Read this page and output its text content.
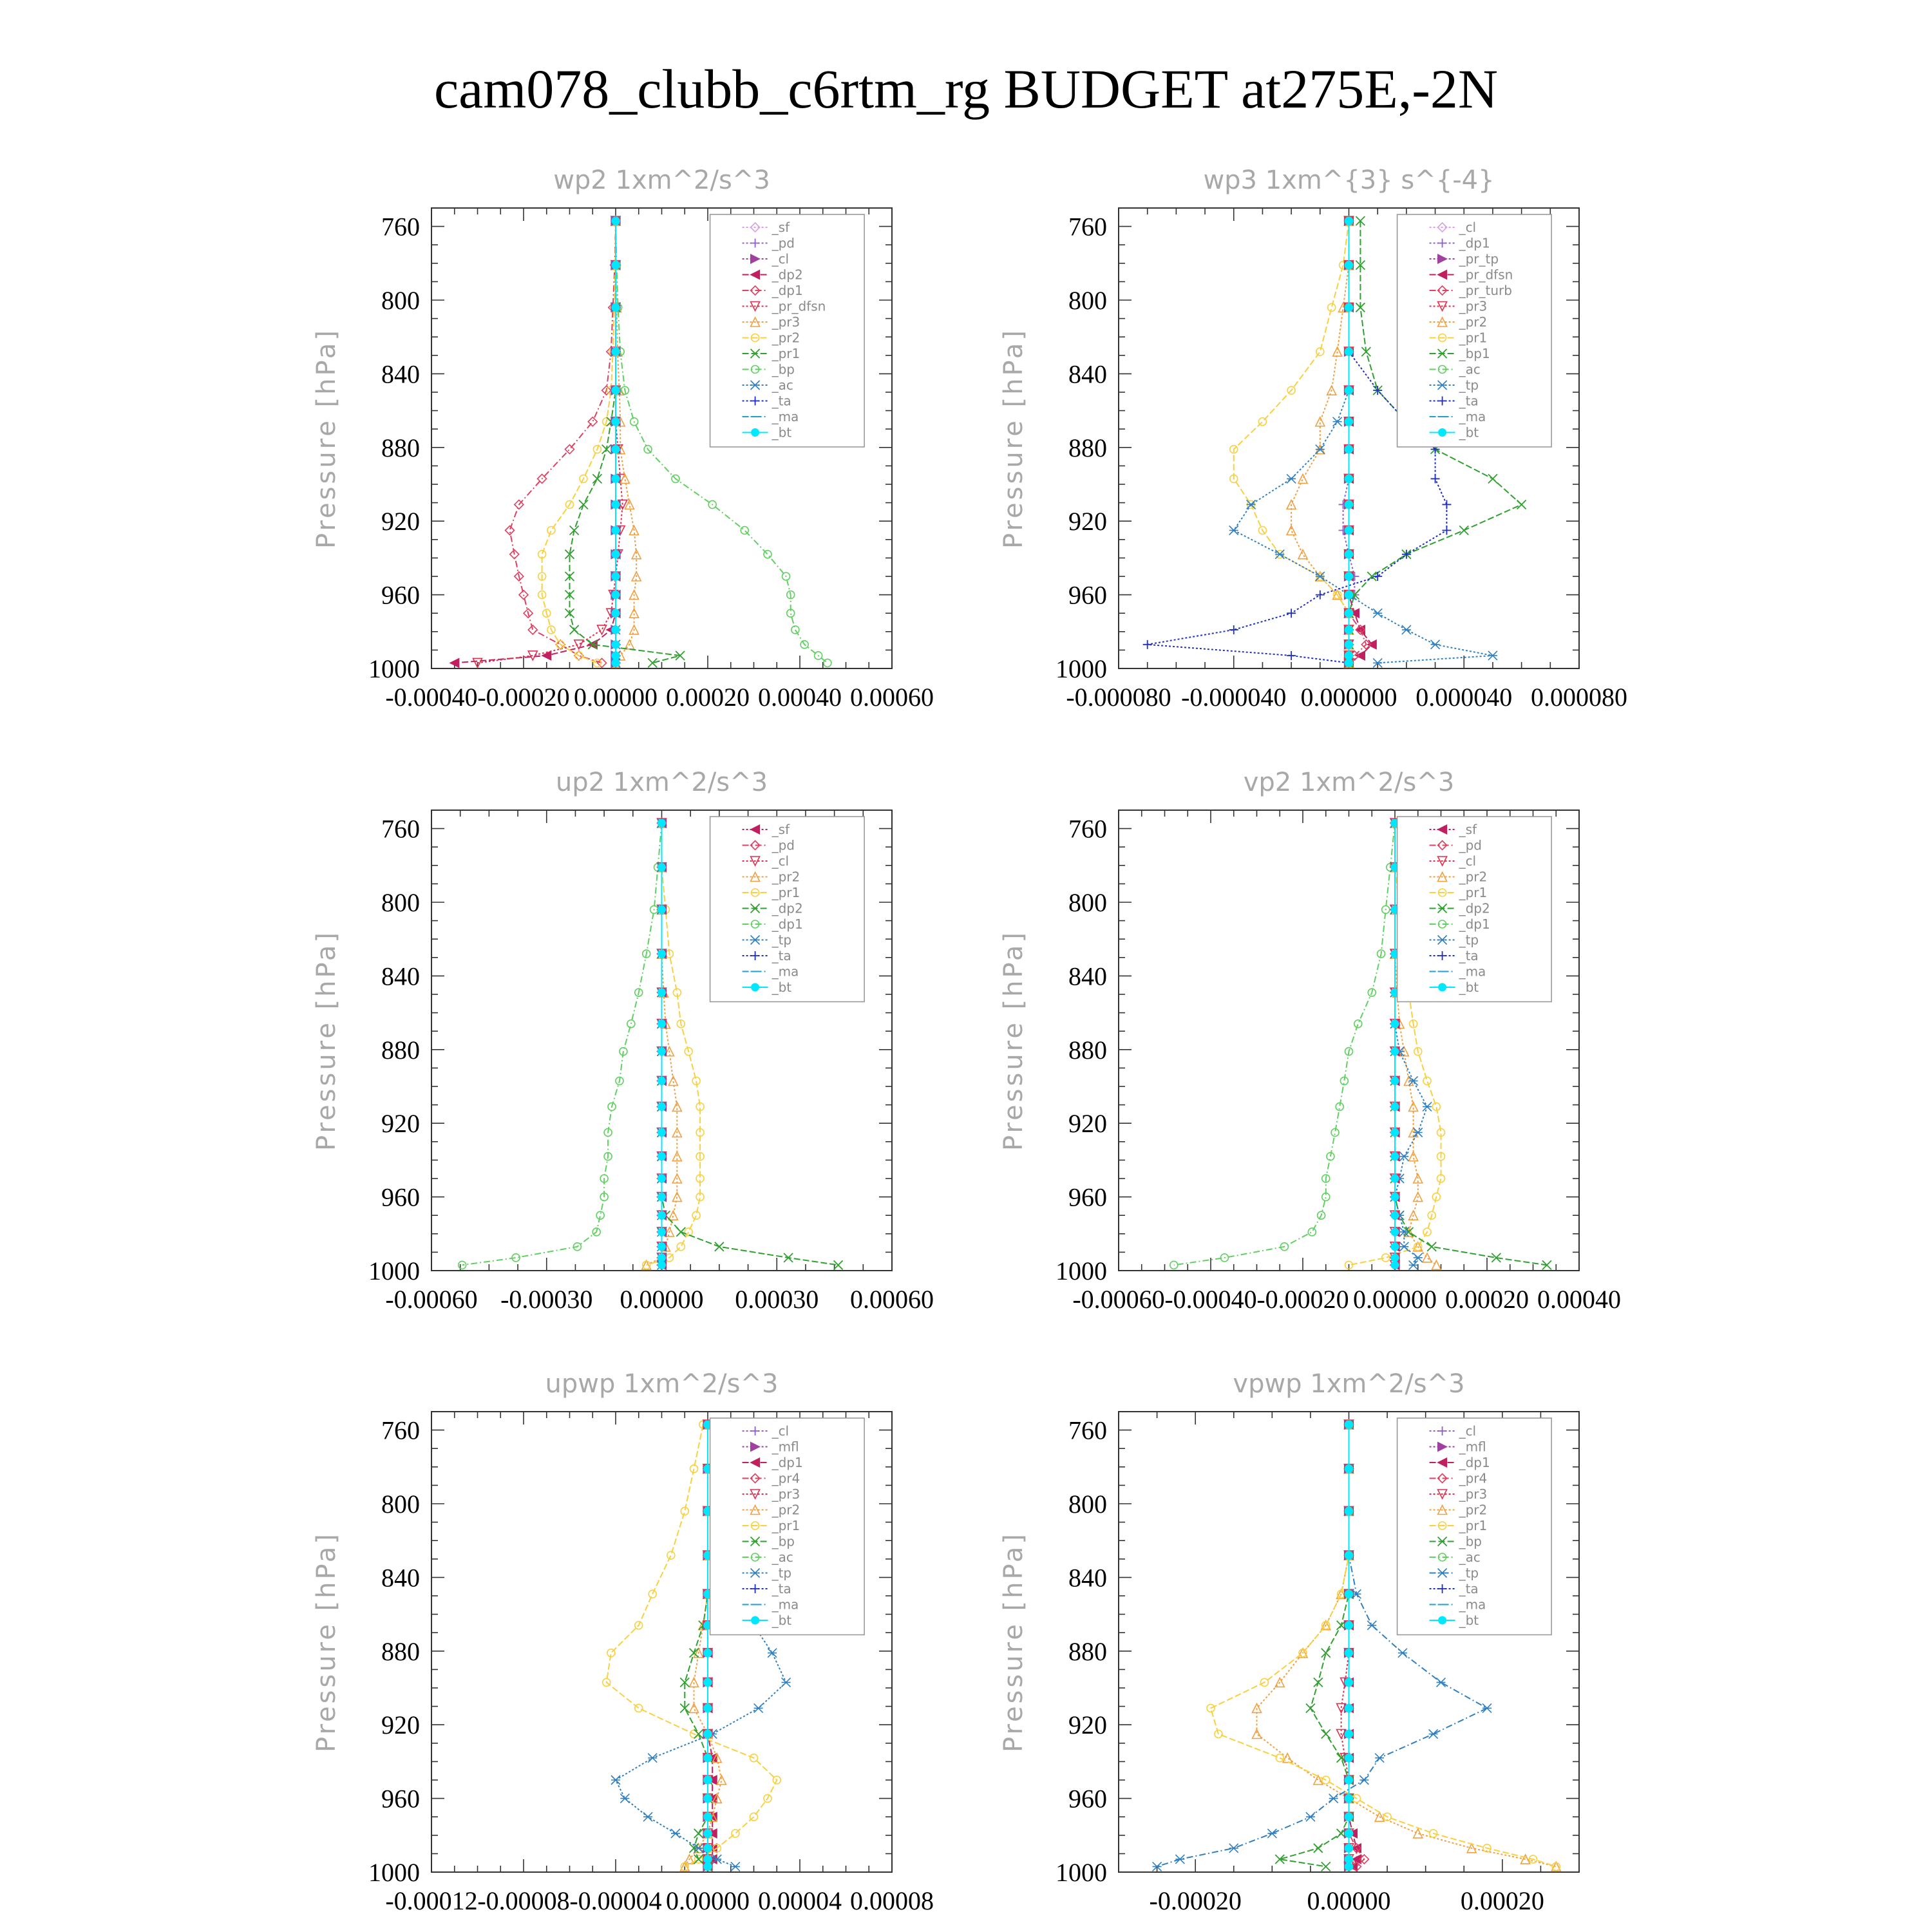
cam078_clubb_c6rtm_rg BUDGET at275E,-2N
wp2 1xm^2/s^3
Pressure [hPa]
760
800
840
880
920
960
1000
-0.00040 -0.00020 0.00000 0.00020 0.00040 0.00060
_sf
_pd
_cl
_dp2
_dp1
_pr_dfsn
_pr3
_pr2
_pr1
_bp
_ac
_ta
_ma
_bt
wp3 1xm^{3} s^{-4}
Pressure [hPa]
760
800
840
880
920
960
1000
-0.000080 -0.000040 0.000000 0.000040 0.000080
_cl
_dp1
_pr_tp
_pr_dfsn
_pr_turb
_pr3
_pr2
_pr1
_bp1
_ac
_tp
_ta
_ma
_bt
up2 1xm^2/s^3
Pressure [hPa]
760
800
840
880
920
960
1000
-0.00060 -0.00030 0.00000 0.00030 0.00060
_sf
_pd
_cl
_pr2
_pr1
_dp2
_dp1
_tp
_ta
_ma
_bt
vp2 1xm^2/s^3
Pressure [hPa]
760
800
840
880
920
960
1000
-0.00060 -0.00040 -0.00020 0.00000 0.00020 0.00040
_sf
_pd
_cl
_pr2
_pr1
_dp2
_dp1
_tp
_ta
_ma
_bt
upwp 1xm^2/s^3
Pressure [hPa]
760
800
840
880
920
960
1000
-0.00012 -0.00008 -0.00004 0.00000 0.00004 0.00008
_cl
_mfl
_dp1
_pr4
_pr3
_pr2
_pr1
_bp
_ac
_tp
_ta
_ma
_bt
vpwp 1xm^2/s^3
Pressure [hPa]
760
800
840
880
920
960
1000
-0.00020	0.00000	0.00020
_cl
_mfl
_dp1
_pr4
_pr3
_pr2
_pr1
_bp
_ac
_tp
_ta
_ma
_bt
